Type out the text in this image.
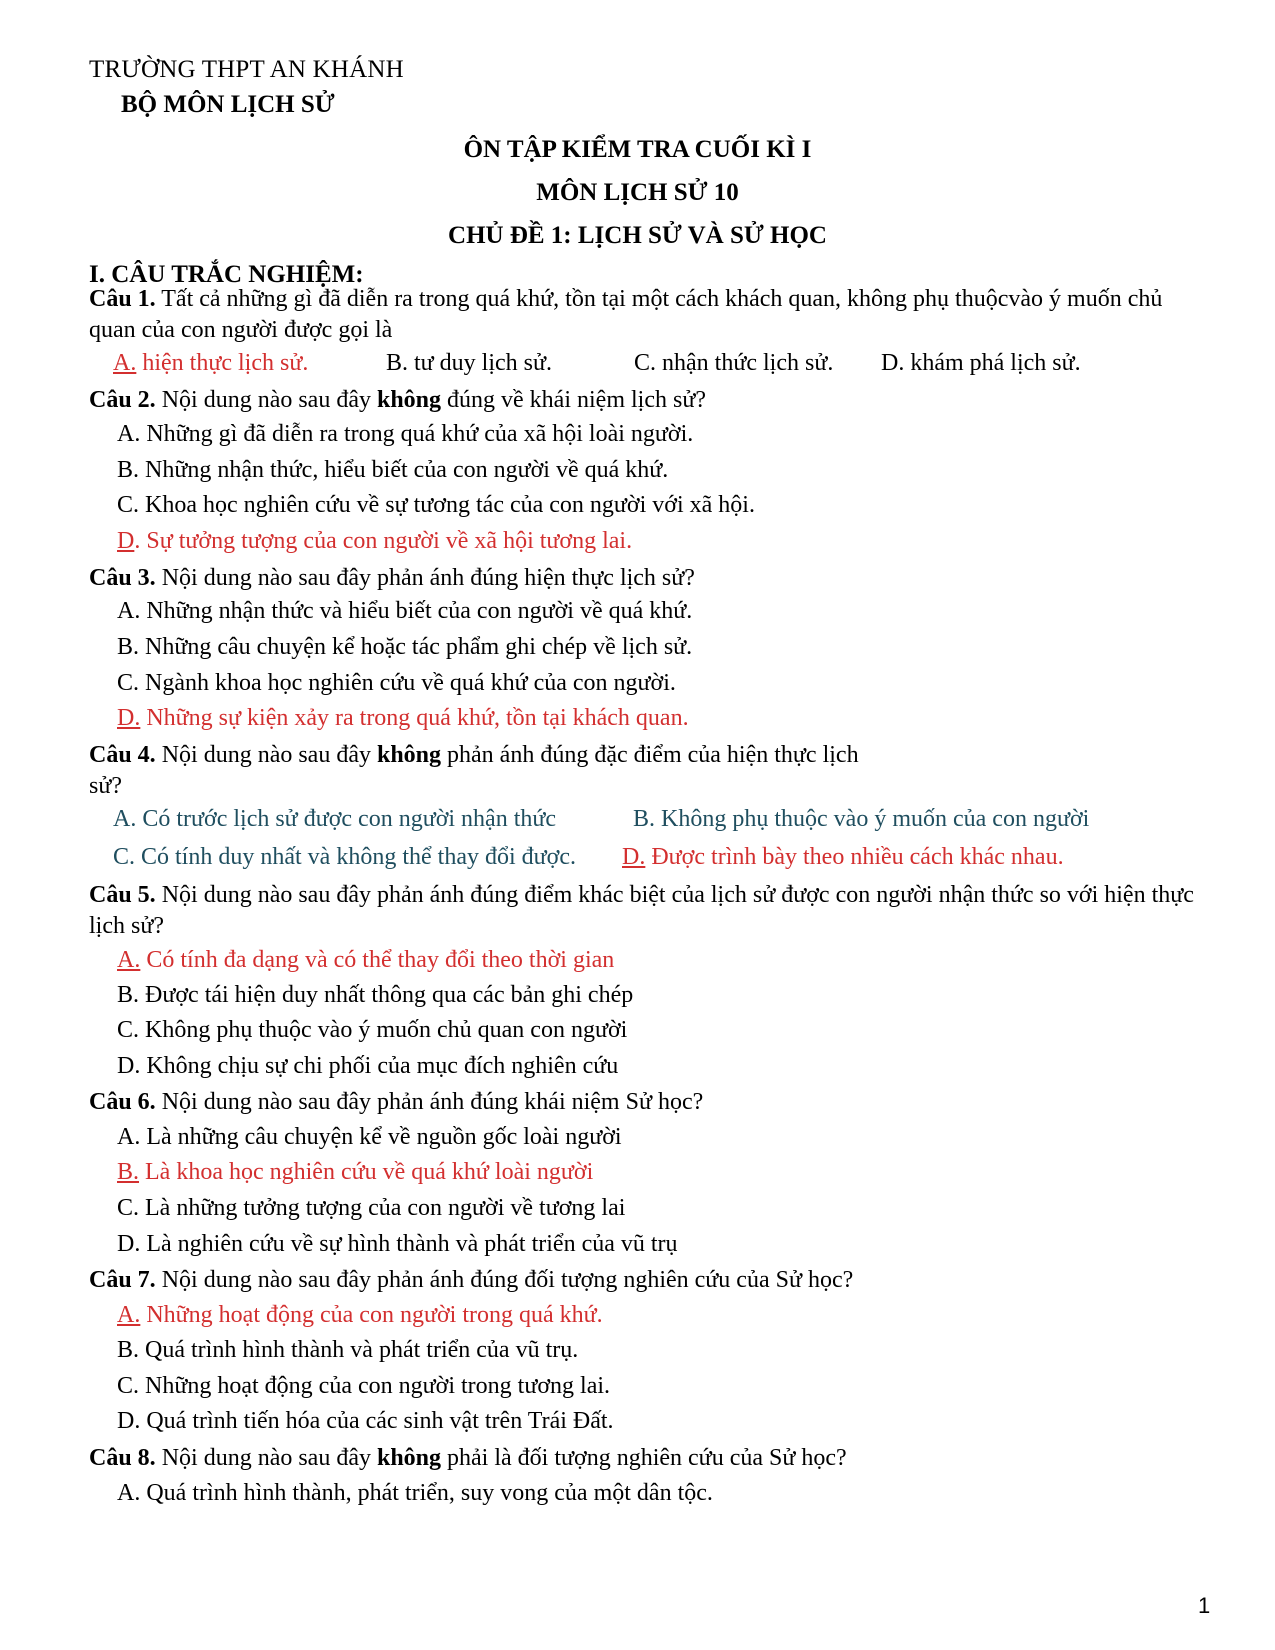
TRƯỜNG THPT AN KHÁNH
BỘ MÔN LỊCH SỬ
ÔN TẬP KIỂM TRA CUỐI KÌ I
MÔN LỊCH SỬ 10
CHỦ ĐỀ 1: LỊCH SỬ VÀ SỬ HỌC
I. CÂU TRẮC NGHIỆM:
Câu 1. Tất cả những gì đã diễn ra trong quá khứ, tồn tại một cách khách quan, không phụ thuộcvào ý muốn chủ quan của con người được gọi là
A. hiện thực lịch sử.	B. tư duy lịch sử.	C. nhận thức lịch sử. D. khám phá lịch sử.
Câu 2. Nội dung nào sau đây không đúng về khái niệm lịch sử?
A. Những gì đã diễn ra trong quá khứ của xã hội loài người.
B. Những nhận thức, hiểu biết của con người về quá khứ.
C. Khoa học nghiên cứu về sự tương tác của con người với xã hội.
D. Sự tưởng tượng của con người về xã hội tương lai.
Câu 3. Nội dung nào sau đây phản ánh đúng hiện thực lịch sử?
A. Những nhận thức và hiểu biết của con người về quá khứ.
B. Những câu chuyện kể hoặc tác phẩm ghi chép về lịch sử.
C. Ngành khoa học nghiên cứu về quá khứ của con người.
D. Những sự kiện xảy ra trong quá khứ, tồn tại khách quan.
Câu 4. Nội dung nào sau đây không phản ánh đúng đặc điểm của hiện thực lịch
sử?
A. Có trước lịch sử được con người nhận thức	B. Không phụ thuộc vào ý muốn của con người
C. Có tính duy nhất và không thể thay đổi được. D. Được trình bày theo nhiều cách khác nhau.
Câu 5. Nội dung nào sau đây phản ánh đúng điểm khác biệt của lịch sử được con người nhận thức so với hiện thực lịch sử?
A. Có tính đa dạng và có thể thay đổi theo thời gian
B. Được tái hiện duy nhất thông qua các bản ghi chép
C. Không phụ thuộc vào ý muốn chủ quan con người
D. Không chịu sự chi phối của mục đích nghiên cứu
Câu 6. Nội dung nào sau đây phản ánh đúng khái niệm Sử học?
A. Là những câu chuyện kể về nguồn gốc loài người
B. Là khoa học nghiên cứu về quá khứ loài người
C. Là những tưởng tượng của con người về tương lai
D. Là nghiên cứu về sự hình thành và phát triển của vũ trụ
Câu 7. Nội dung nào sau đây phản ánh đúng đối tượng nghiên cứu của Sử học?
A. Những hoạt động của con người trong quá khứ.
B. Quá trình hình thành và phát triển của vũ trụ.
C. Những hoạt động của con người trong tương lai.
D. Quá trình tiến hóa của các sinh vật trên Trái Đất.
Câu 8. Nội dung nào sau đây không phải là đối tượng nghiên cứu của Sử học?
A. Quá trình hình thành, phát triển, suy vong của một dân tộc.
1
